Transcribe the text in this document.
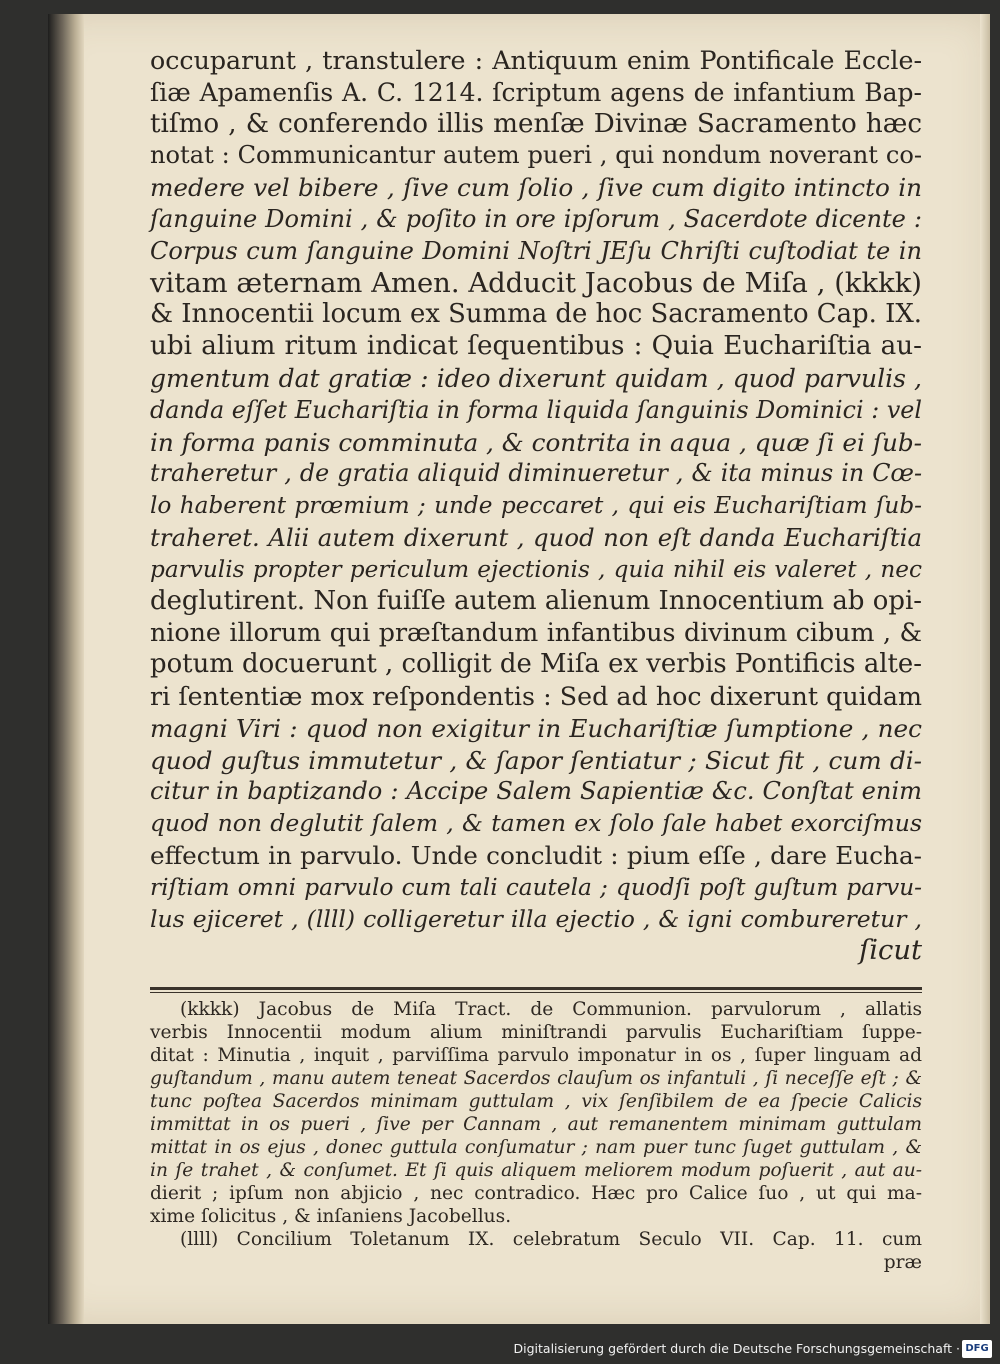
occuparunt , transtulere : Antiquum enim Pontificale Eccle-
ſiæ Apamenſis A. C. 1214. ſcriptum agens de infantium Bap-
tiſmo , & conferendo illis menſæ Divinæ Sacramento hæc
notat : Communicantur autem pueri , qui nondum noverant co-
medere vel bibere , ſive cum ſolio , ſive cum digito intincto in
ſanguine Domini , & poſito in ore ipſorum , Sacerdote dicente :
Corpus cum ſanguine Domini Noſtri JEſu Chriſti cuſtodiat te in
vitam æternam Amen. Adducit Jacobus de Miſa , (kkkk)
& Innocentii locum ex Summa de hoc Sacramento Cap. IX.
ubi alium ritum indicat ſequentibus : Quia Euchariſtia au-
gmentum dat gratiæ : ideo dixerunt quidam , quod parvulis ,
danda eſſet Euchariſtia in forma liquida ſanguinis Dominici : vel
in forma panis comminuta , & contrita in aqua , quæ ſi ei ſub-
traheretur , de gratia aliquid diminueretur , & ita minus in Cœ-
lo haberent prœmium ; unde peccaret , qui eis Euchariſtiam ſub-
traheret. Alii autem dixerunt , quod non eſt danda Euchariſtia
parvulis propter periculum ejectionis , quia nihil eis valeret , nec
deglutirent. Non fuiſſe autem alienum Innocentium ab opi-
nione illorum qui præſtandum infantibus divinum cibum , &
potum docuerunt , colligit de Miſa ex verbis Pontificis alte-
ri ſententiæ mox reſpondentis : Sed ad hoc dixerunt quidam
magni Viri : quod non exigitur in Euchariſtiæ ſumptione , nec
quod guſtus immutetur , & ſapor ſentiatur ; Sicut fit , cum di-
citur in baptizando : Accipe Salem Sapientiæ &c. Conſtat enim
quod non deglutit ſalem , & tamen ex ſolo ſale habet exorciſmus
effectum in parvulo. Unde concludit : pium eſſe , dare Eucha-
riſtiam omni parvulo cum tali cautela ; quodſi poſt guſtum parvu-
lus ejiceret , (llll) colligeretur illa ejectio , & igni combureretur ,
ſicut
(kkkk) Jacobus de Miſa Tract. de Communion. parvulorum , allatis
verbis Innocentii modum alium miniſtrandi parvulis Euchariſtiam ſuppe-
ditat : Minutia , inquit , parviſſima parvulo imponatur in os , ſuper linguam ad
guſtandum , manu autem teneat Sacerdos clauſum os infantuli , ſi neceſſe eſt ; &
tunc poſtea Sacerdos minimam guttulam , vix ſenſibilem de ea ſpecie Calicis
immittat in os pueri , ſive per Cannam , aut remanentem minimam guttulam
mittat in os ejus , donec guttula conſumatur ; nam puer tunc ſuget guttulam , &
in ſe trahet , & conſumet. Et ſi quis aliquem meliorem modum poſuerit , aut au-
dierit ; ipſum non abjicio , nec contradico. Hæc pro Calice ſuo , ut qui ma-
xime ſolicitus , & inſaniens Jacobellus.
(llll) Concilium Toletanum IX. celebratum Seculo VII. Cap. 11. cum
præ
Digitalisierung gefördert durch die Deutsche Forschungsgemeinschaft · DFG
